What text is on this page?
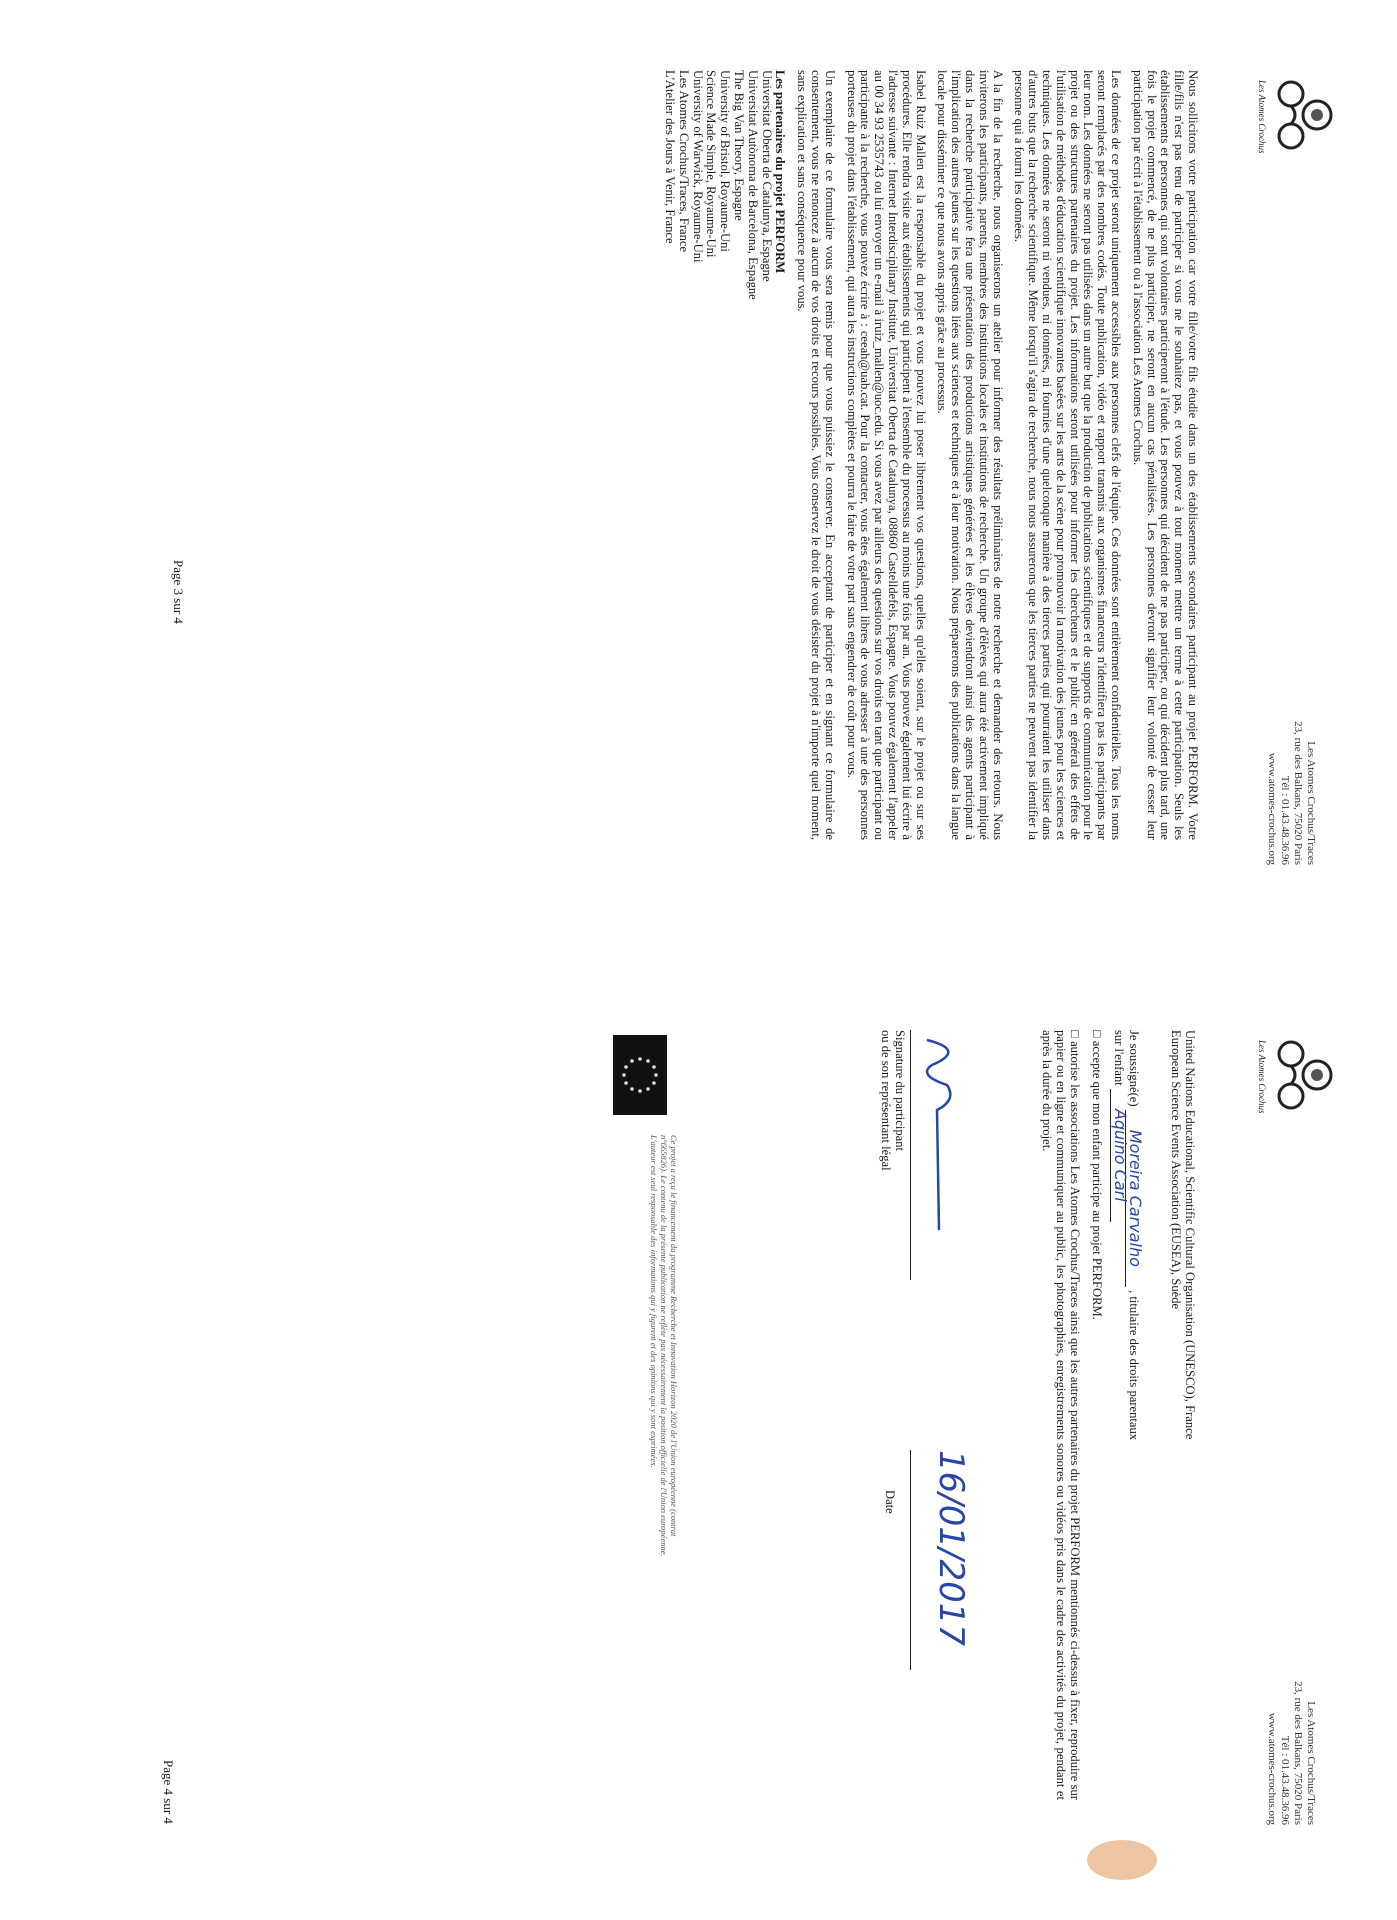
Les Atomes Crochus
Les Atomes Crochus/Traces
23, rue des Balkans, 75020 Paris
Tél : 01.43.48.36.96
www.atomes-crochus.org

Nous sollicitons votre participation car votre fille/votre fils étudie dans un des établissements secondaires participant au projet PERFORM. Votre fille/fils n'est pas tenu de participer si vous ne le souhaitez pas, et vous pouvez à tout moment mettre un terme à cette participation. Seuls les établissements et personnes qui sont volontaires participeront à l'étude. Les personnes qui décident de ne pas participer, ou qui décident plus tard, une fois le projet commencé, de ne plus participer, ne seront en aucun cas pénalisées. Les personnes devront signifier leur volonté de cesser leur participation par écrit à l'établissement ou à l'association Les Atomes Crochus.

Les données de ce projet seront uniquement accessibles aux personnes clefs de l'équipe. Ces données sont entièrement confidentielles. Tous les noms seront remplacés par des nombres codés. Toute publication, vidéo et rapport transmis aux organismes financeurs n'identifiera pas les participants par leur nom. Les données ne seront pas utilisées dans un autre but que la production de publications scientifiques et de supports de communication pour le projet ou des structures partenaires du projet. Les informations seront utilisées pour informer les chercheurs et le public en général des effets de l'utilisation de méthodes d'éducation scientifique innovantes basées sur les arts de la scène pour promouvoir la motivation des jeunes pour les sciences et techniques. Les données ne seront ni vendues, ni données, ni fournies d'une quelconque manière à des tierces parties qui pourraient les utiliser dans d'autres buts que la recherche scientifique. Même lorsqu'il s'agira de recherche, nous nous assurerons que les tierces parties ne peuvent pas identifier la personne qui a fourni les données.

A la fin de la recherche, nous organiserons un atelier pour informer des résultats préliminaires de notre recherche et demander des retours. Nous inviterons les participants, parents, membres des institutions locales et institutions de recherche. Un groupe d'élèves qui aura été activement impliqué dans la recherche participative fera une présentation des productions artistiques générées et les élèves deviendront ainsi des agents participant à l'implication des autres jeunes sur les questions liées aux sciences et techniques et à leur motivation. Nous préparerons des publications dans la langue locale pour disséminer ce que nous avons appris grâce au processus.

Isabel Ruiz Mallen est la responsable du projet et vous pouvez lui poser librement vos questions, quelles qu'elles soient, sur le projet ou sur ses procédures. Elle rendra visite aux établissements qui participent à l'ensemble du processus au moins une fois par an. Vous pouvez également lui écrire à l'adresse suivante : Internet Interdisciplinary Institute, Universitat Oberta de Catalunya, 08860 Castelldefels, Espagne. Vous pouvez également l'appeler au 00 34 93 2535743 ou lui envoyer un e-mail à iruiz_mallen@uoc.edu. Si vous avez par ailleurs des questions sur vos droits en tant que participant ou participante à la recherche, vous pouvez écrire à : ceeah@uab.cat. Pour la contacter, vous êtes également libres de vous adresser à une des personnes porteuses du projet dans l'établissement, qui aura les instructions complètes et pourra le faire de votre part sans engendrer de coût pour vous.

Un exemplaire de ce formulaire vous sera remis pour que vous puissiez le conserver. En acceptant de participer et en signant ce formulaire de consentement, vous ne renoncez à aucun de vos droits et recours possibles. Vous conservez le droit de vous désister du projet à n'importe quel moment, sans explication et sans conséquence pour vous.

Les partenaires du projet PERFORM
Universitat Oberta de Catalunya, Espagne
Universitat Autònoma de Barcelona, Espagne
The Big Van Theory, Espagne
University of Bristol, Royaume-Uni
Science Made Simple, Royaume-Uni
University of Warwick, Royaume-Uni
Les Atomes Crochus/Traces, France
L'Atelier des Jours à Venir, France
Page 3 sur 4
Les Atomes Crochus
Les Atomes Crochus/Traces
23, rue des Balkans, 75020 Paris
Tél : 01.43.48.36.96
www.atomes-crochus.org
United Nations Educational, Scientific Cultural Organisation (UNESCO), France
European Science Events Association (EUSEA), Suède
Je soussigné(e) Moreira Carvalho , titulaire des droits parentaux
sur l'enfant Aquino Carl
□ accepte que mon enfant participe au projet PERFORM.
□ autorise les associations Les Atomes Crochus/Traces ainsi que les autres partenaires du projet PERFORM mentionnés ci-dessus à fixer, reproduire sur papier ou en ligne et communiquer au public, les photographies, enregistrements sonores ou vidéos pris dans le cadre des activités du projet, pendant et après la durée du projet.
16/01/2017
Signature du participant
ou de son représentant légal
Date
Ce projet a reçu le financement du programme Recherche et Innovation Horizon 2020 de l'Union européenne (contrat n°665826). Le contenu de la présente publication ne reflète pas nécessairement la position officielle de l'Union européenne. L'auteur est seul responsable des informations qui y figurent et des opinions qui y sont exprimées.
Page 4 sur 4
